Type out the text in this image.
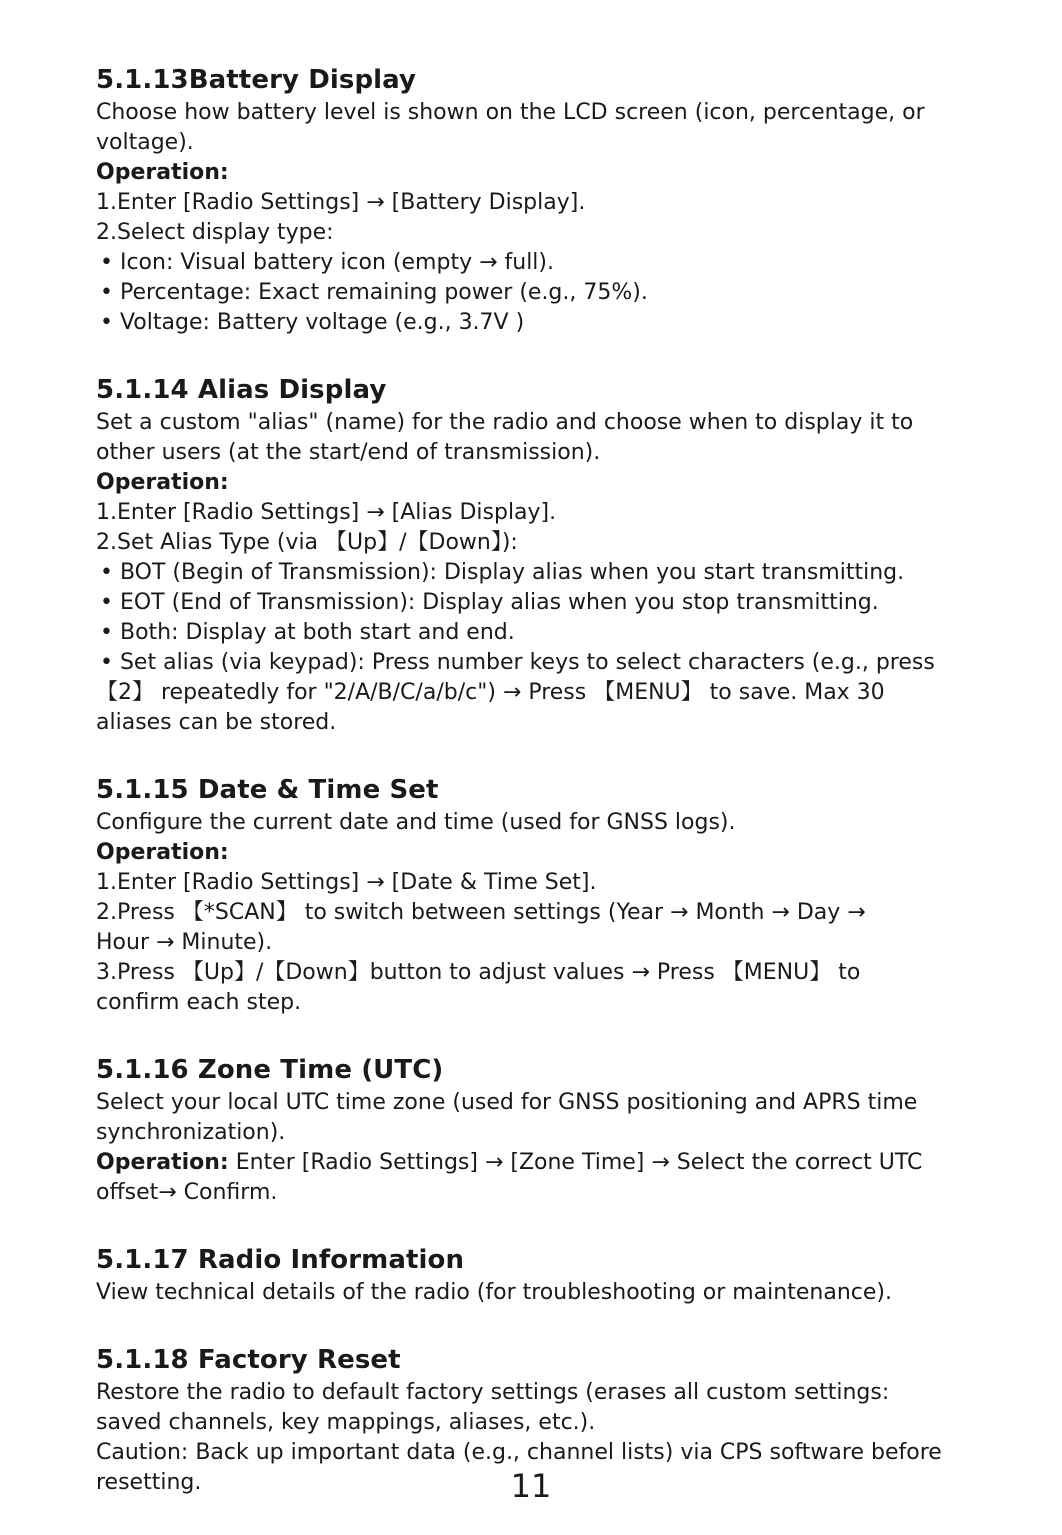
5.1.13Battery Display

Choose how battery level is shown on the LCD screen (icon, percentage, or

voltage).

Operation:

1.Enter [Radio Settings] → [Battery Display].

2.Select display type:

• Icon: Visual battery icon (empty → full).

• Percentage: Exact remaining power (e.g., 75%).

• Voltage: Battery voltage (e.g., 3.7V )

5.1.14 Alias Display

Set a custom "alias" (name) for the radio and choose when to display it to

other users (at the start/end of transmission).

Operation:

1.Enter [Radio Settings] → [Alias Display].

2.Set Alias Type (via 【Up】/【Down】):

• BOT (Begin of Transmission): Display alias when you start transmitting.

• EOT (End of Transmission): Display alias when you stop transmitting.

• Both: Display at both start and end.

• Set alias (via keypad): Press number keys to select characters (e.g., press

【2】 repeatedly for "2/A/B/C/a/b/c") → Press 【MENU】 to save. Max 30

aliases can be stored.

5.1.15 Date & Time Set

Configure the current date and time (used for GNSS logs).

Operation:

1.Enter [Radio Settings] → [Date & Time Set].

2.Press 【*SCAN】 to switch between settings (Year → Month → Day →

Hour → Minute).

3.Press 【Up】/【Down】button to adjust values → Press 【MENU】 to

confirm each step.

5.1.16 Zone Time (UTC)

Select your local UTC time zone (used for GNSS positioning and APRS time

synchronization).

Operation: Enter [Radio Settings] → [Zone Time] → Select the correct UTC

offset→ Confirm.

5.1.17 Radio Information

View technical details of the radio (for troubleshooting or maintenance).

5.1.18 Factory Reset

Restore the radio to default factory settings (erases all custom settings:

saved channels, key mappings, aliases, etc.).

Caution: Back up important data (e.g., channel lists) via CPS software before

resetting.	11
